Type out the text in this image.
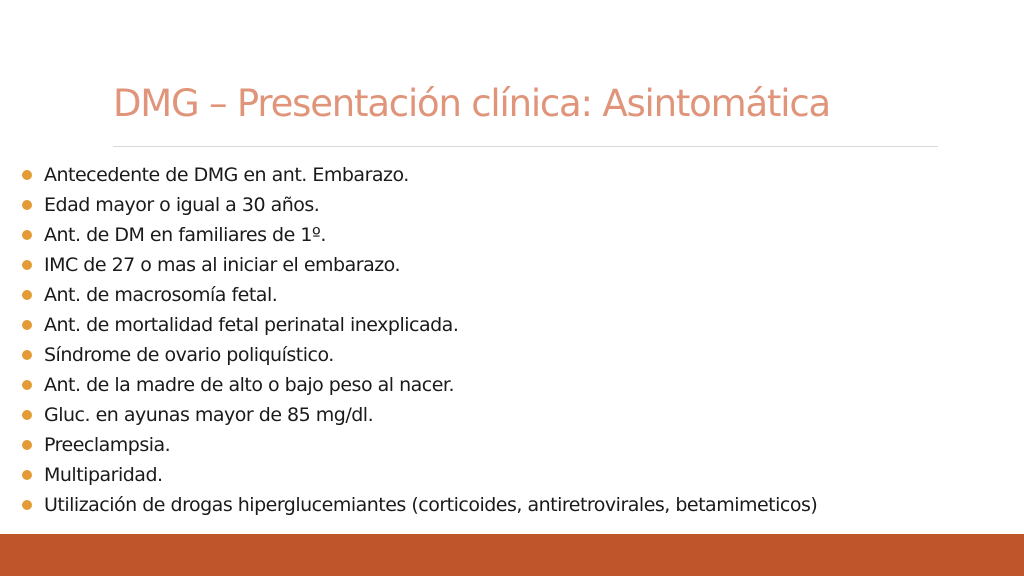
DMG – Presentación clínica: Asintomática
Antecedente de DMG en ant. Embarazo.
Edad mayor o igual a 30 años.
Ant. de DM en familiares de 1º.
IMC de 27 o mas al iniciar el embarazo.
Ant. de macrosomía fetal.
Ant. de mortalidad fetal perinatal inexplicada.
Síndrome de ovario poliquístico.
Ant. de la madre de alto o bajo peso al nacer.
Gluc. en ayunas mayor de 85 mg/dl.
Preeclampsia.
Multiparidad.
Utilización de drogas hiperglucemiantes (corticoides, antiretrovirales, betamimeticos)
